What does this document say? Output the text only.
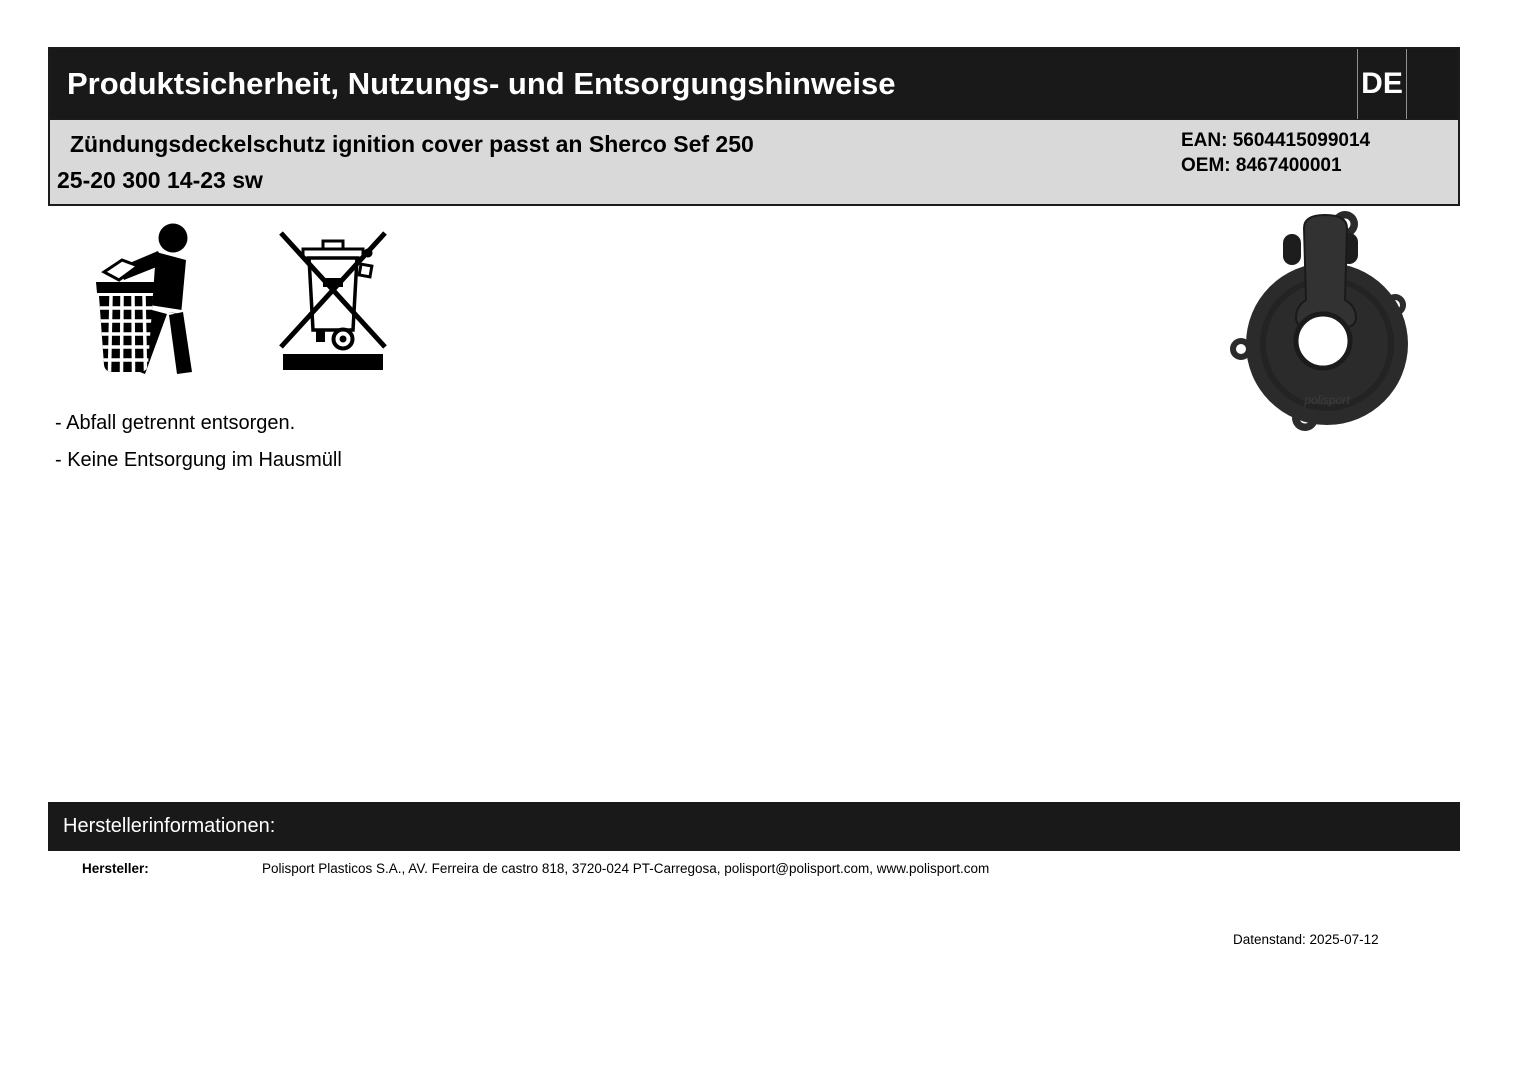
Produktsicherheit, Nutzungs- und Entsorgungshinweise	DE
Zündungsdeckelschutz ignition cover passt an Sherco Sef 250
25-20 300 14-23 sw
EAN: 5604415099014
OEM: 8467400001
- Abfall getrennt entsorgen.
- Keine Entsorgung im Hausmüll
polisport
Herstellerinformationen:
Hersteller:	Polisport Plasticos S.A., AV. Ferreira de castro 818, 3720-024 PT-Carregosa, polisport@polisport.com, www.polisport.com
Datenstand: 2025-07-12
